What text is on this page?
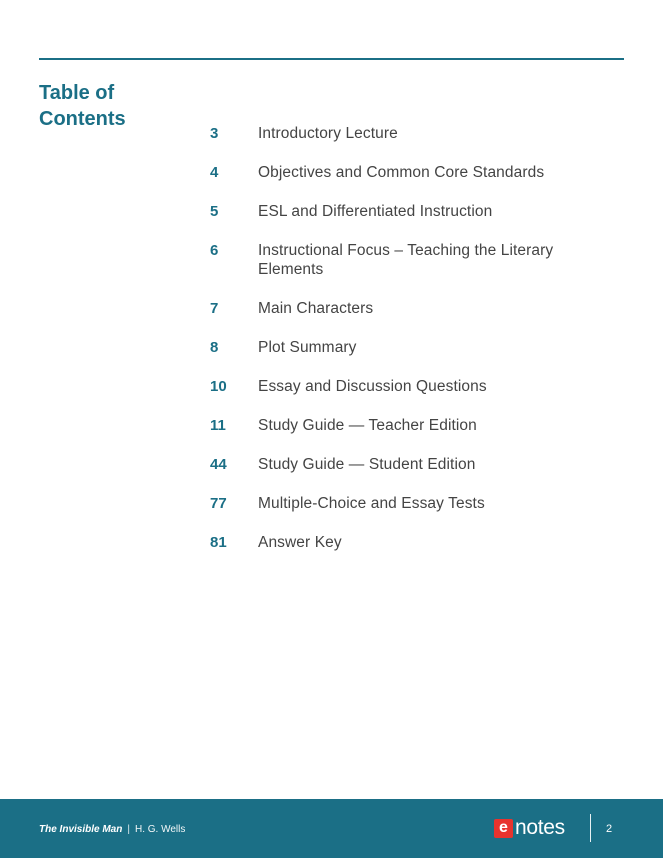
Table of Contents
3	Introductory Lecture
4	Objectives and Common Core Standards
5	ESL and Differentiated Instruction
6	Instructional Focus – Teaching the Literary Elements
7	Main Characters
8	Plot Summary
10	Essay and Discussion Questions
11	Study Guide — Teacher Edition
44	Study Guide — Student Edition
77	Multiple-Choice and Essay Tests
81	Answer Key
The Invisible Man | H. G. Wells	e notes	2
